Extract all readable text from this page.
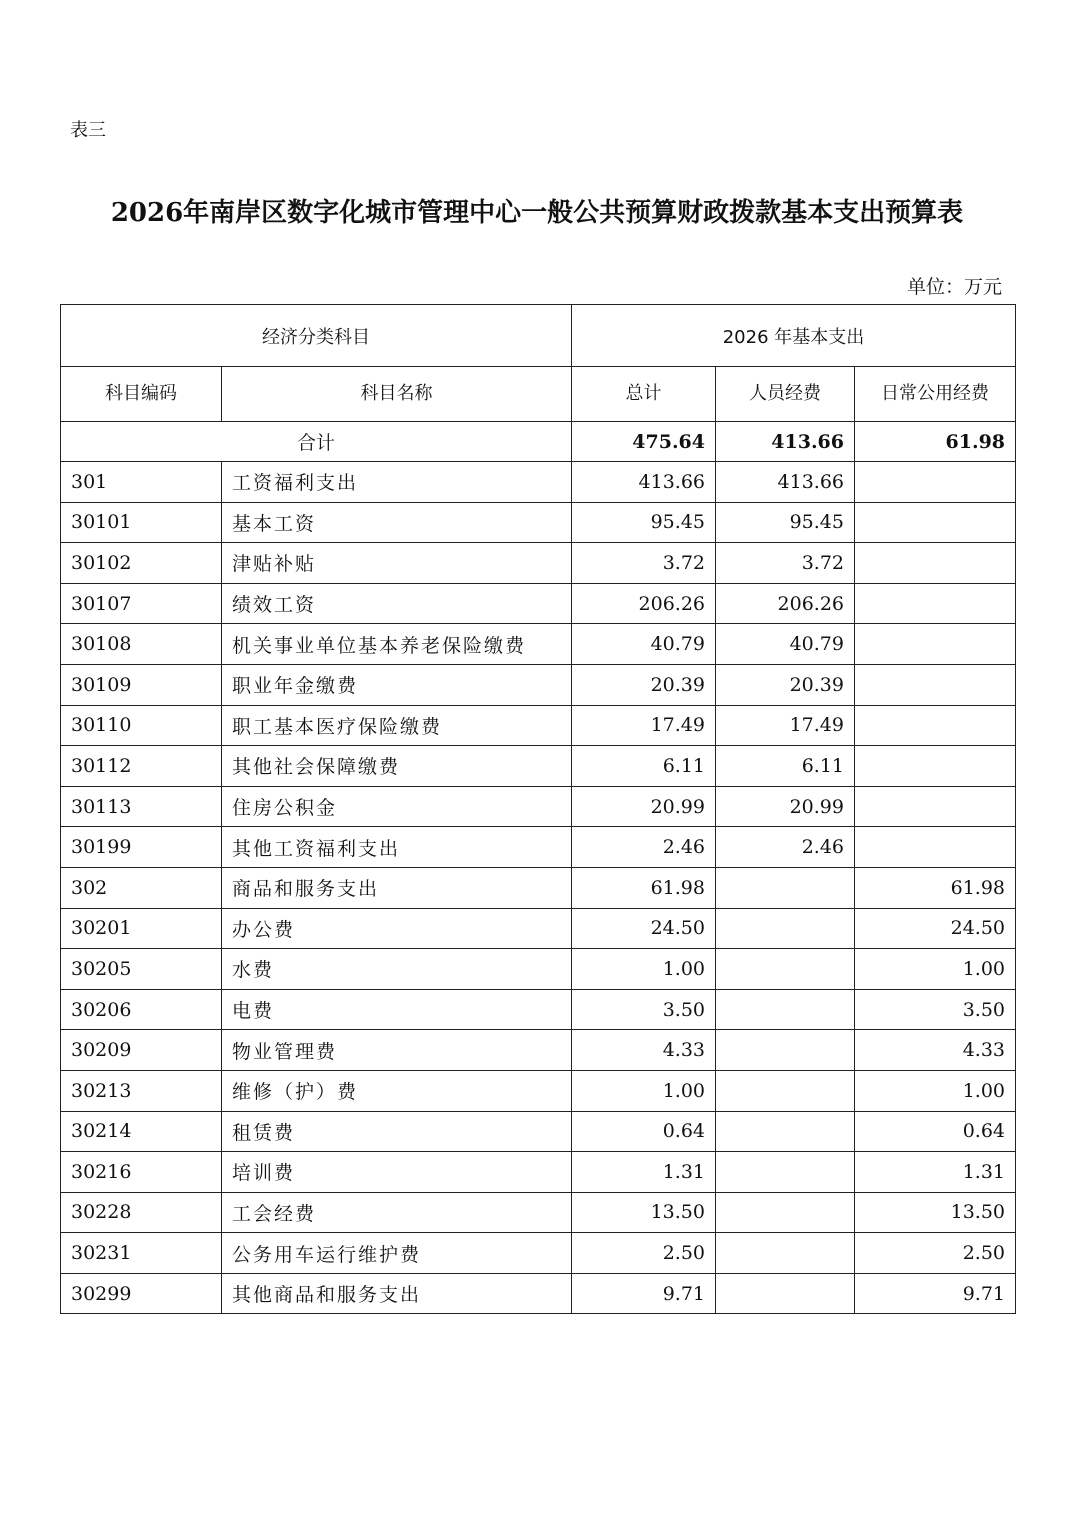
表三
2026年南岸区数字化城市管理中心一般公共预算财政拨款基本支出预算表
单位：万元
经济分类科目		2026 年基本支出		
科目编码	科目名称	总计	人员经费	日常公用经费
合计		475.64	413.66	61.98
301	工资福利支出	413.66	413.66	
30101	基本工资	95.45	95.45	
30102	津贴补贴	3.72	3.72	
30107	绩效工资	206.26	206.26	
30108	机关事业单位基本养老保险缴费	40.79	40.79	
30109	职业年金缴费	20.39	20.39	
30110	职工基本医疗保险缴费	17.49	17.49	
30112	其他社会保障缴费	6.11	6.11	
30113	住房公积金	20.99	20.99	
30199	其他工资福利支出	2.46	2.46	
302	商品和服务支出	61.98		61.98
30201	办公费	24.50		24.50
30205	水费	1.00		1.00
30206	电费	3.50		3.50
30209	物业管理费	4.33		4.33
30213	维修（护）费	1.00		1.00
30214	租赁费	0.64		0.64
30216	培训费	1.31		1.31
30228	工会经费	13.50		13.50
30231	公务用车运行维护费	2.50		2.50
30299	其他商品和服务支出	9.71		9.71
